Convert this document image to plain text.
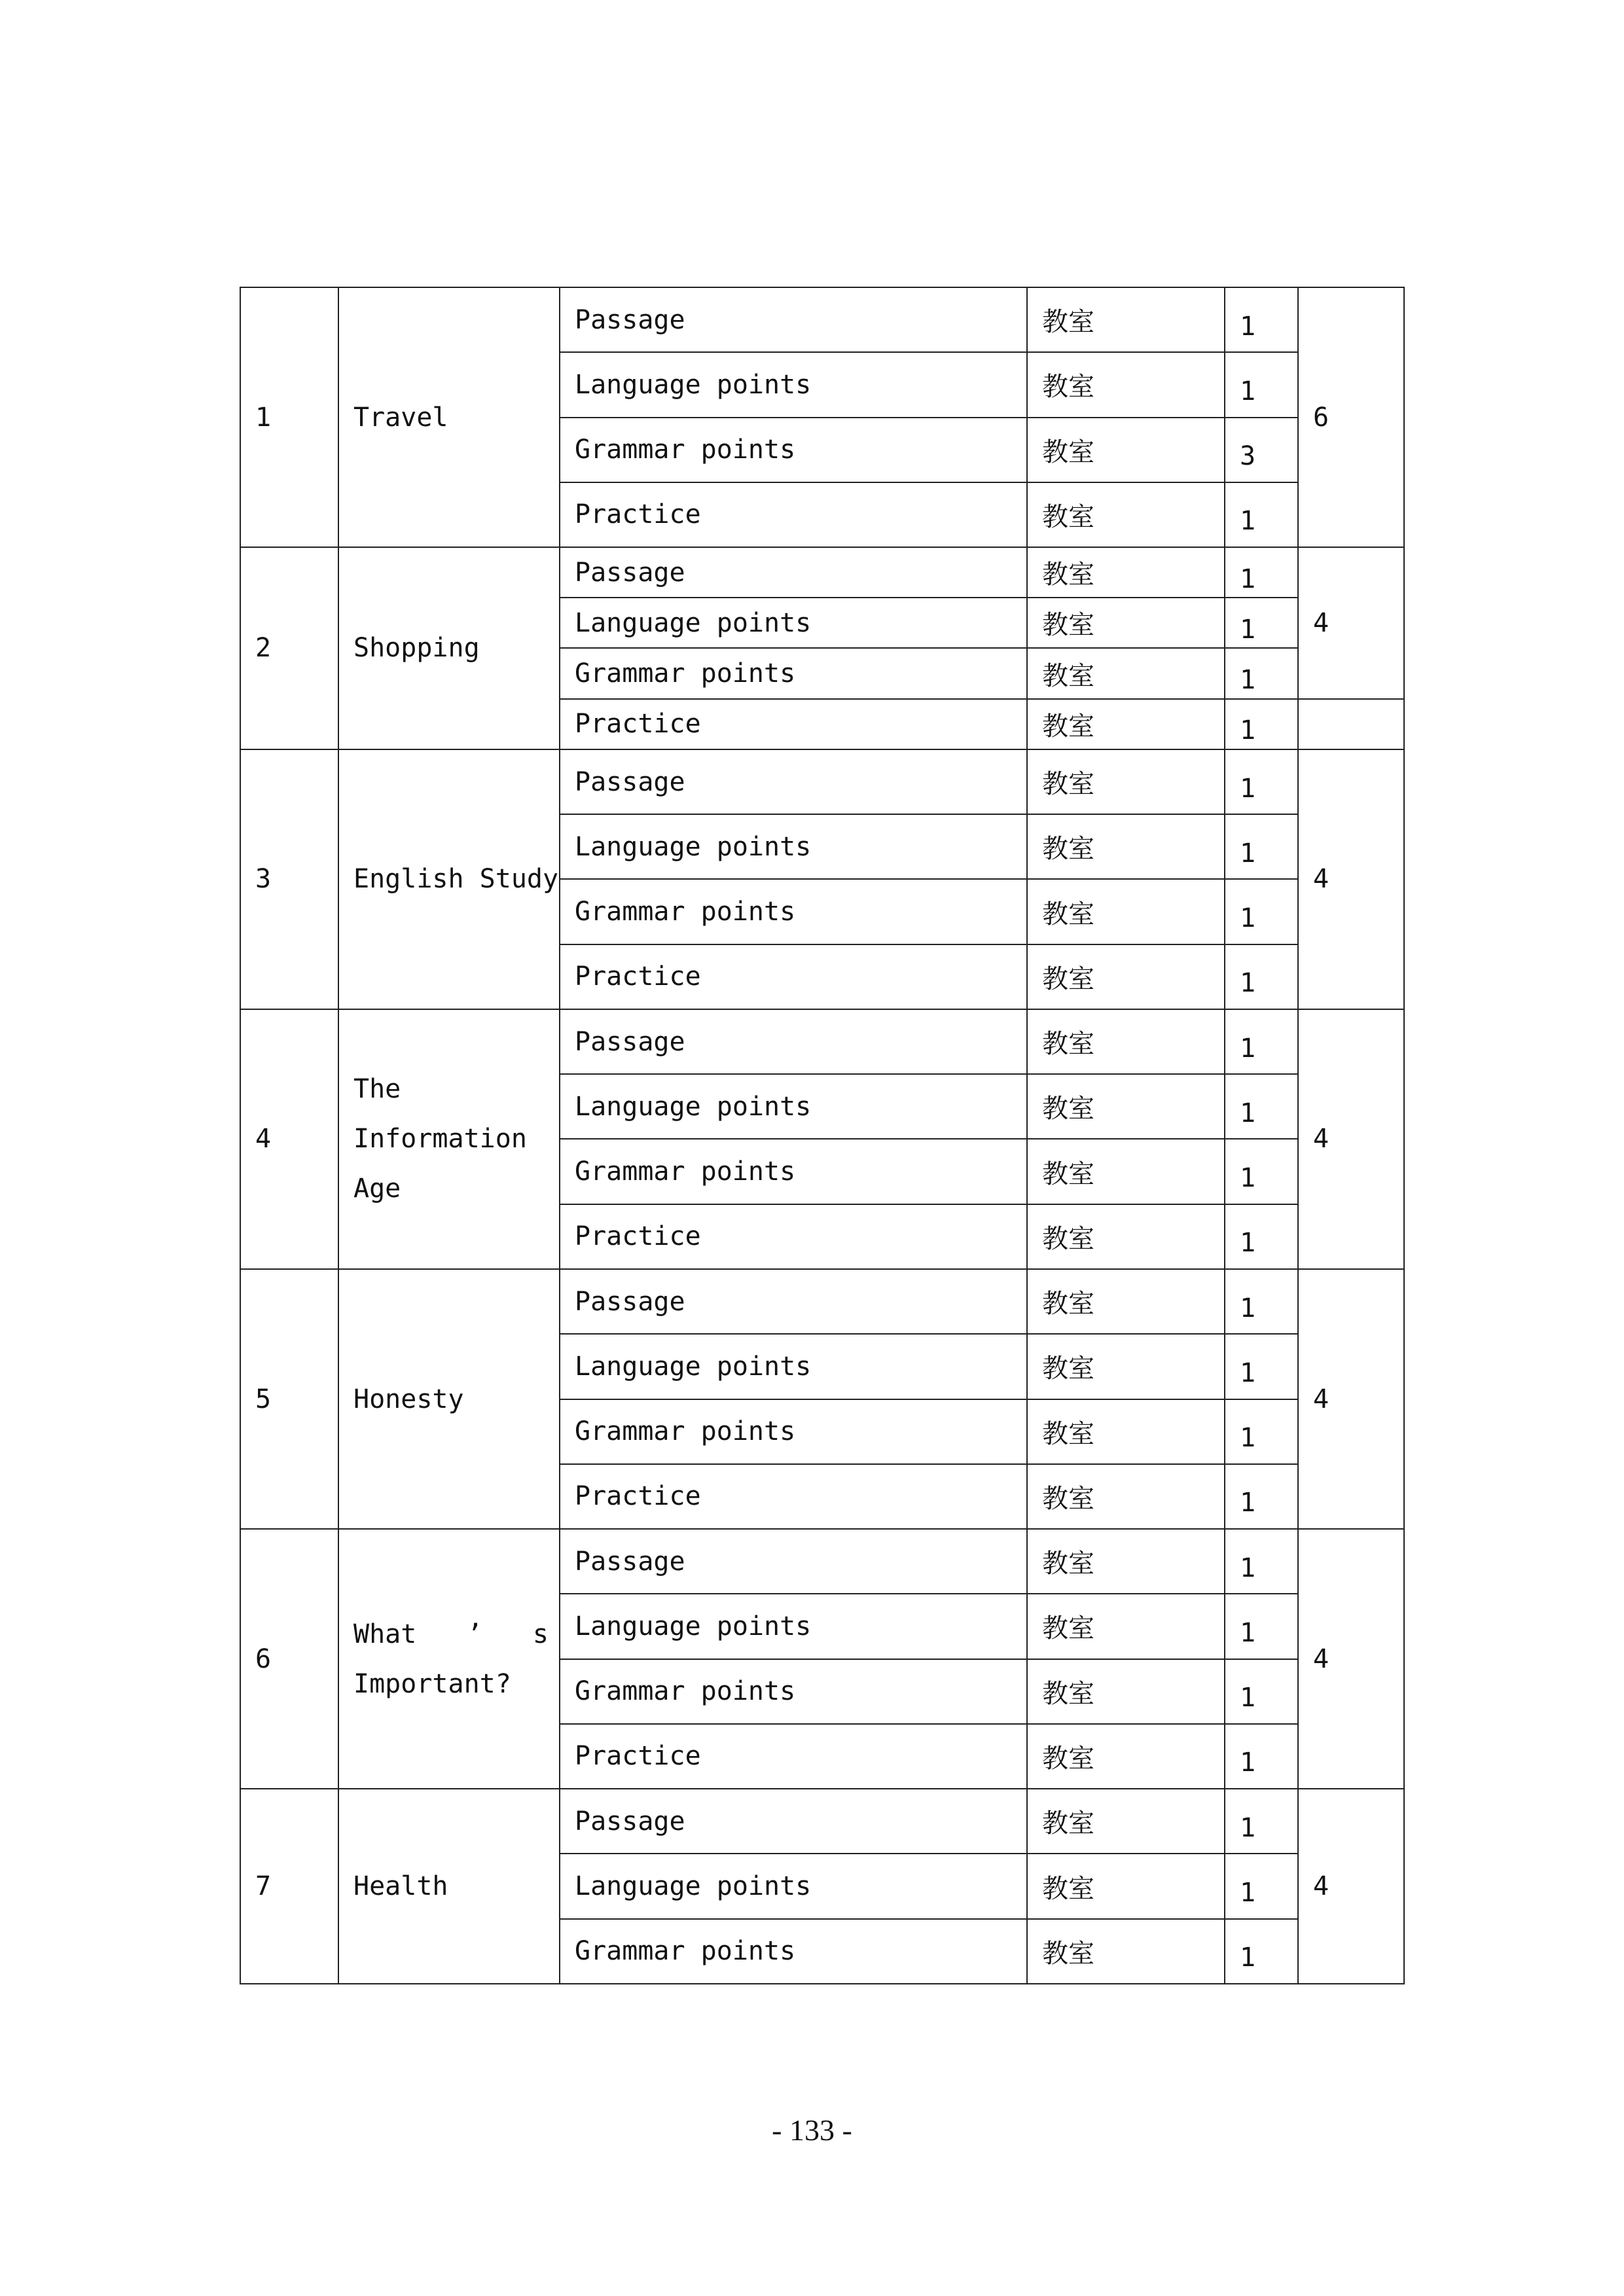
1	Travel	Passage	教室	1	6
		Language points	教室	1	
		Grammar points	教室	3	
		Practice	教室	1	
2	Shopping	Passage	教室	1	4
		Language points	教室	1	
		Grammar points	教室	1	
		Practice	教室	1	
3	English Study	Passage	教室	1	4
		Language points	教室	1	
		Grammar points	教室	1	
		Practice	教室	1	
4	The
Information
Age	Passage	教室	1	4
		Language points	教室	1	
		Grammar points	教室	1	
		Practice	教室	1	
5	Honesty	Passage	教室	1	4
		Language points	教室	1	
		Grammar points	教室	1	
		Practice	教室	1	
6	What ’ s
Important?	Passage	教室	1	4
		Language points	教室	1	
		Grammar points	教室	1	
		Practice	教室	1	
7	Health	Passage	教室	1	4
		Language points	教室	1	
		Grammar points	教室	1	
- 133 -
